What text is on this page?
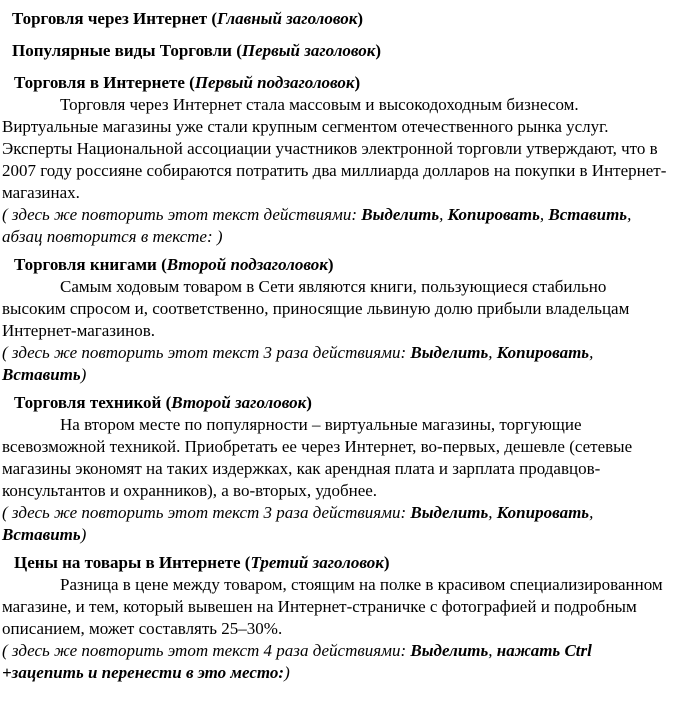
Торговля через Интернет (Главный заголовок)

Популярные виды Торговли (Первый заголовок)

Торговля в Интернете (Первый подзаголовок)

Торговля через Интернет стала массовым и высокодоходным бизнесом. Виртуальные магазины уже стали крупным сегментом отечественного рынка услуг. Эксперты Национальной ассоциации участников электронной торговли утверждают, что в 2007 году россияне собираются потратить два миллиарда долларов на покупки в Интернет-магазинах.

( здесь же повторить этот текст действиями: Выделить, Копировать, Вставить, абзац повторится в тексте: )

Торговля книгами (Второй подзаголовок)

Самым ходовым товаром в Сети являются книги, пользующиеся стабильно высоким спросом и, соответственно, приносящие львиную долю прибыли владельцам Интернет-магазинов.

( здесь же повторить этот текст 3 раза действиями: Выделить, Копировать, Вставить)

Торговля техникой (Второй заголовок)

На втором месте по популярности – виртуальные магазины, торгующие всевозможной техникой. Приобретать ее через Интернет, во-первых, дешевле (сетевые магазины экономят на таких издержках, как арендная плата и зарплата продавцов-консультантов и охранников), а во-вторых, удобнее.

( здесь же повторить этот текст 3 раза действиями: Выделить, Копировать, Вставить)

Цены на товары в Интернете (Третий заголовок)

Разница в цене между товаром, стоящим на полке в красивом специализированном магазине, и тем, который вывешен на Интернет-страничке с фотографией и подробным описанием, может составлять 25–30%.

( здесь же повторить этот текст 4 раза действиями: Выделить, нажать Ctrl +зацепить и перенести в это место:)
